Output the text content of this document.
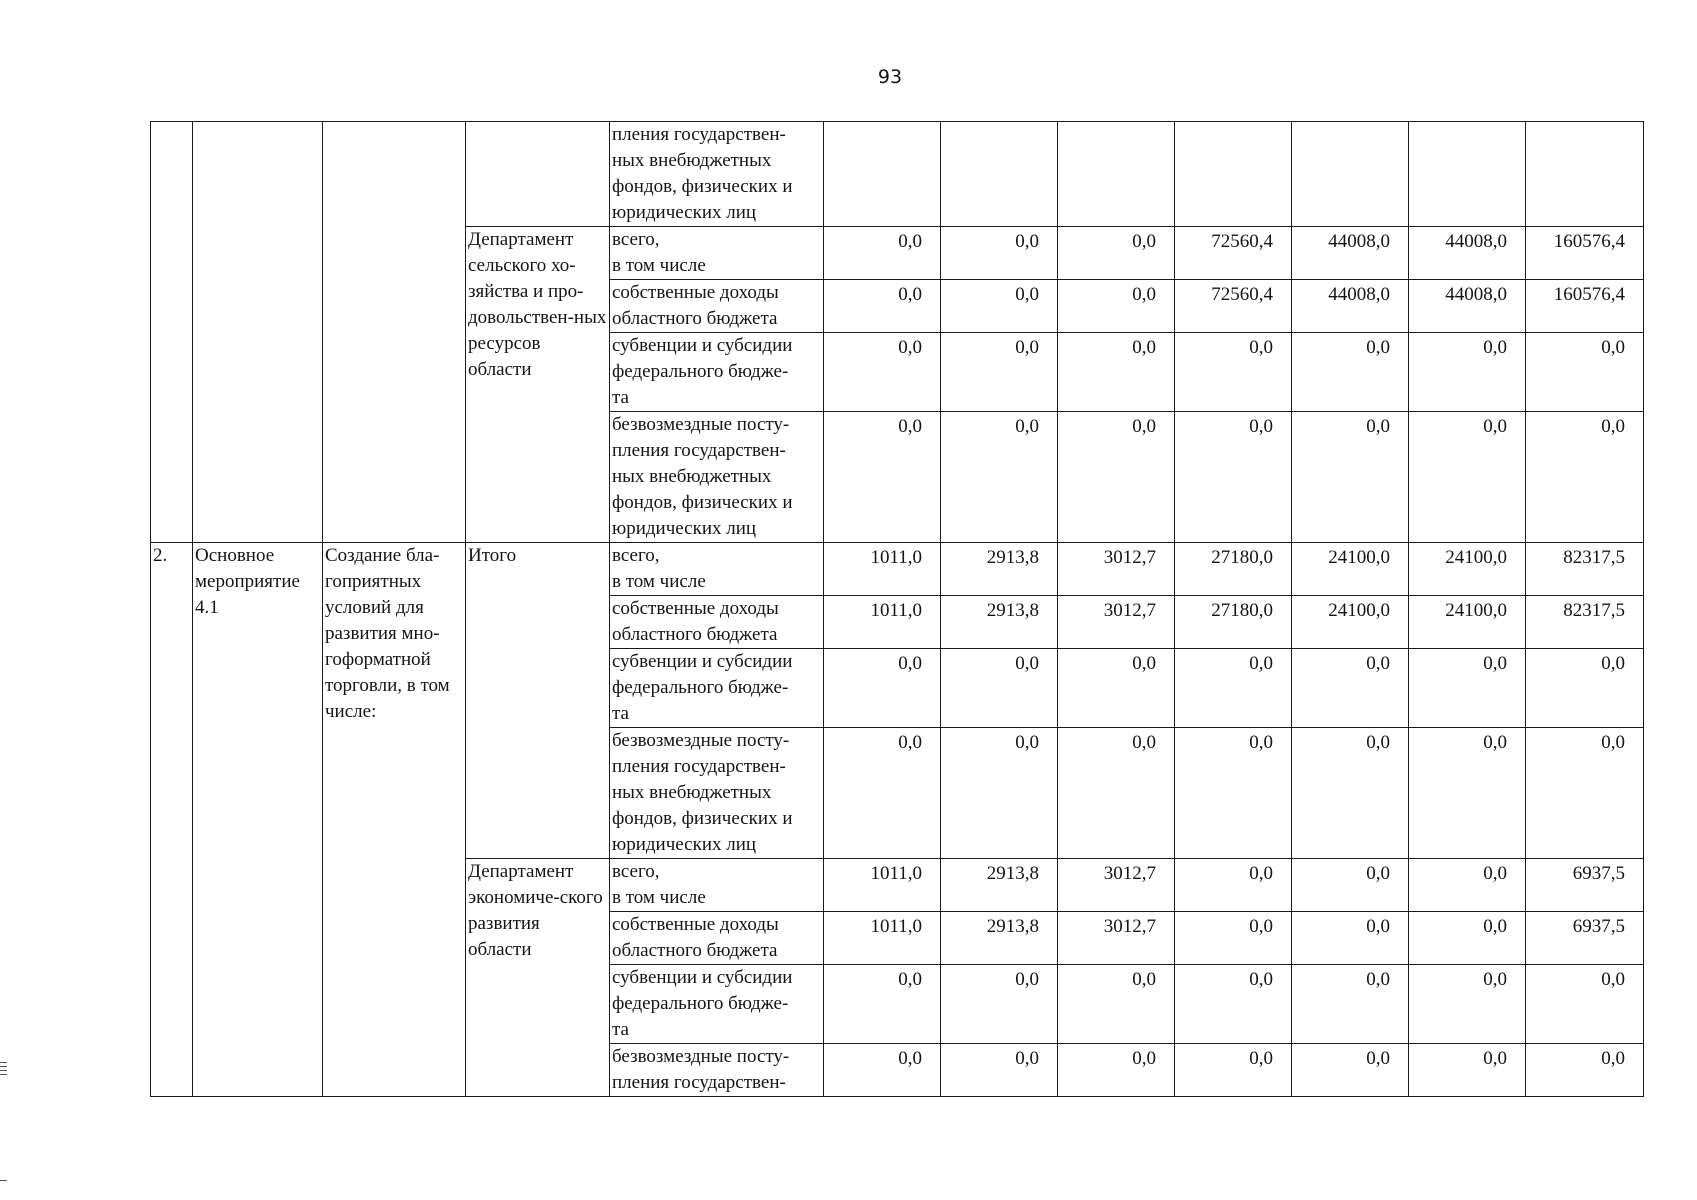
93
				пления государствен-
ных внебюджетных
фондов, физических и
юридических лиц							
			Департамент сельского хо-зяйства и про-довольствен-ных ресурсов области	всего,
в том числе	0,0	0,0	0,0	72560,4	44008,0	44008,0	160576,4
				собственные доходы
областного бюджета	0,0	0,0	0,0	72560,4	44008,0	44008,0	160576,4
				субвенции и субсидии
федерального бюдже-
та	0,0	0,0	0,0	0,0	0,0	0,0	0,0
				безвозмездные посту-
пления государствен-
ных внебюджетных
фондов, физических и
юридических лиц	0,0	0,0	0,0	0,0	0,0	0,0	0,0
2.	Основное мероприятие 4.1	Создание бла-гоприятных условий для развития мно-гоформатной торговли, в том числе:	Итого	всего,
в том числе	1011,0	2913,8	3012,7	27180,0	24100,0	24100,0	82317,5
				собственные доходы
областного бюджета	1011,0	2913,8	3012,7	27180,0	24100,0	24100,0	82317,5
				субвенции и субсидии
федерального бюдже-
та	0,0	0,0	0,0	0,0	0,0	0,0	0,0
				безвозмездные посту-
пления государствен-
ных внебюджетных
фондов, физических и
юридических лиц	0,0	0,0	0,0	0,0	0,0	0,0	0,0
			Департамент экономиче-ского развития области	всего,
в том числе	1011,0	2913,8	3012,7	0,0	0,0	0,0	6937,5
				собственные доходы
областного бюджета	1011,0	2913,8	3012,7	0,0	0,0	0,0	6937,5
				субвенции и субсидии
федерального бюдже-
та	0,0	0,0	0,0	0,0	0,0	0,0	0,0
				безвозмездные посту-
пления государствен-	0,0	0,0	0,0	0,0	0,0	0,0	0,0
